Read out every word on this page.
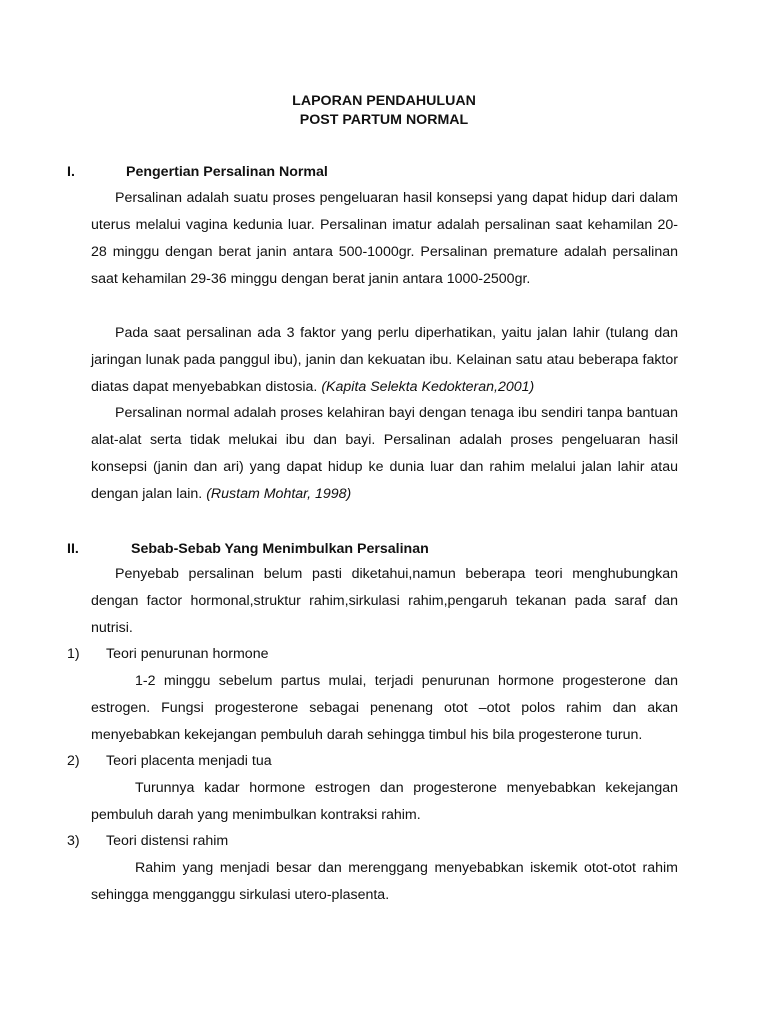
LAPORAN PENDAHULUAN
POST PARTUM NORMAL
I.	Pengertian Persalinan Normal

Persalinan adalah suatu proses pengeluaran hasil konsepsi yang dapat hidup dari dalam uterus melalui vagina kedunia luar. Persalinan imatur adalah persalinan saat kehamilan 20-28 minggu dengan berat janin antara 500-1000gr. Persalinan premature adalah persalinan saat kehamilan 29-36 minggu dengan berat janin antara 1000-2500gr.

Pada saat persalinan ada 3 faktor yang perlu diperhatikan, yaitu jalan lahir (tulang dan jaringan lunak pada panggul ibu), janin dan kekuatan ibu. Kelainan satu atau beberapa faktor diatas dapat menyebabkan distosia. (Kapita Selekta Kedokteran,2001)

Persalinan normal adalah proses kelahiran bayi dengan tenaga ibu sendiri tanpa bantuan alat-alat serta tidak melukai ibu dan bayi. Persalinan adalah proses pengeluaran hasil konsepsi (janin dan ari) yang dapat hidup ke dunia luar dan rahim melalui jalan lahir atau dengan jalan lain. (Rustam Mohtar, 1998)

II.	Sebab-Sebab Yang Menimbulkan Persalinan

Penyebab persalinan belum pasti diketahui,namun beberapa teori menghubungkan dengan factor hormonal,struktur rahim,sirkulasi rahim,pengaruh tekanan pada saraf dan nutrisi.

1) Teori penurunan hormone

1-2 minggu sebelum partus mulai, terjadi penurunan hormone progesterone dan estrogen. Fungsi progesterone sebagai penenang otot –otot polos rahim dan akan menyebabkan kekejangan pembuluh darah sehingga timbul his bila progesterone turun.

2) Teori placenta menjadi tua

Turunnya kadar hormone estrogen dan progesterone menyebabkan kekejangan pembuluh darah yang menimbulkan kontraksi rahim.

3) Teori distensi rahim

Rahim yang menjadi besar dan merenggang menyebabkan iskemik otot-otot rahim sehingga mengganggu sirkulasi utero-plasenta.
